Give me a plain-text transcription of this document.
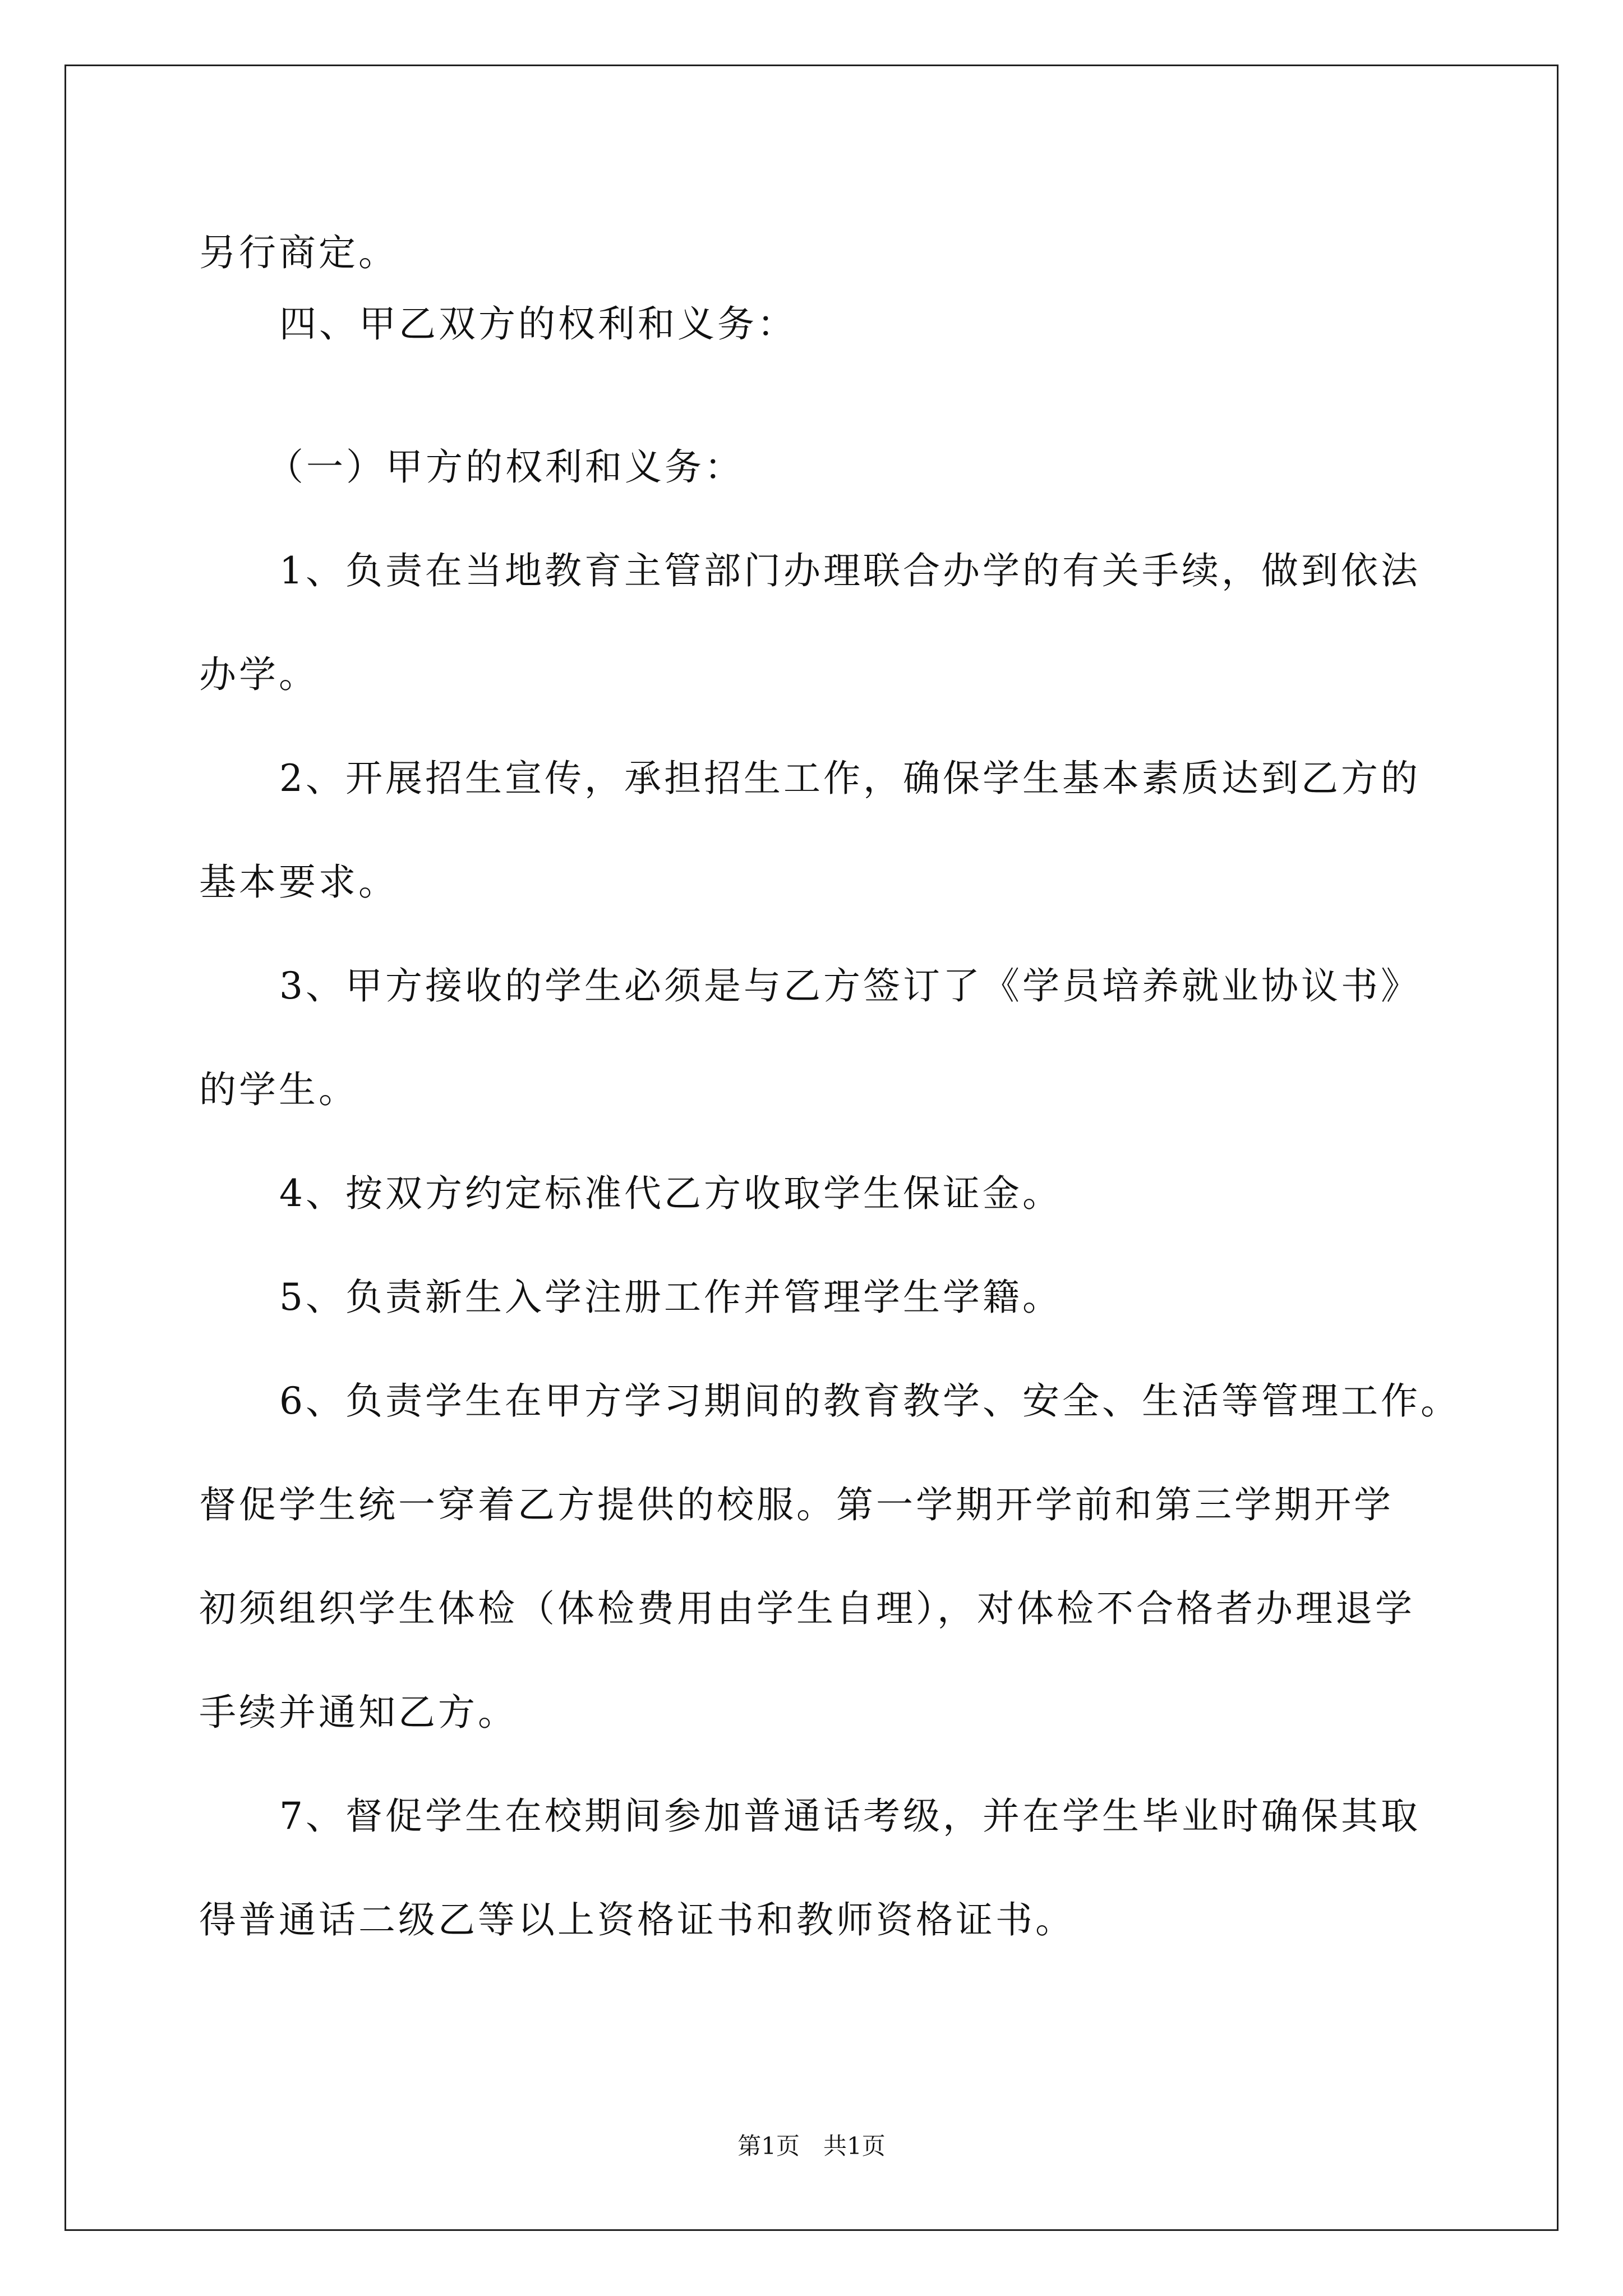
另行商定。

四、甲乙双方的权利和义务：

（一）甲方的权利和义务：

1、负责在当地教育主管部门办理联合办学的有关手续，做到依法

办学。

2、开展招生宣传，承担招生工作，确保学生基本素质达到乙方的

基本要求。

3、甲方接收的学生必须是与乙方签订了《学员培养就业协议书》

的学生。

4、按双方约定标准代乙方收取学生保证金。

5、负责新生入学注册工作并管理学生学籍。

6、负责学生在甲方学习期间的教育教学、安全、生活等管理工作。

督促学生统一穿着乙方提供的校服。第一学期开学前和第三学期开学

初须组织学生体检（体检费用由学生自理），对体检不合格者办理退学

手续并通知乙方。

7、督促学生在校期间参加普通话考级，并在学生毕业时确保其取

得普通话二级乙等以上资格证书和教师资格证书。

第1页　共1页
